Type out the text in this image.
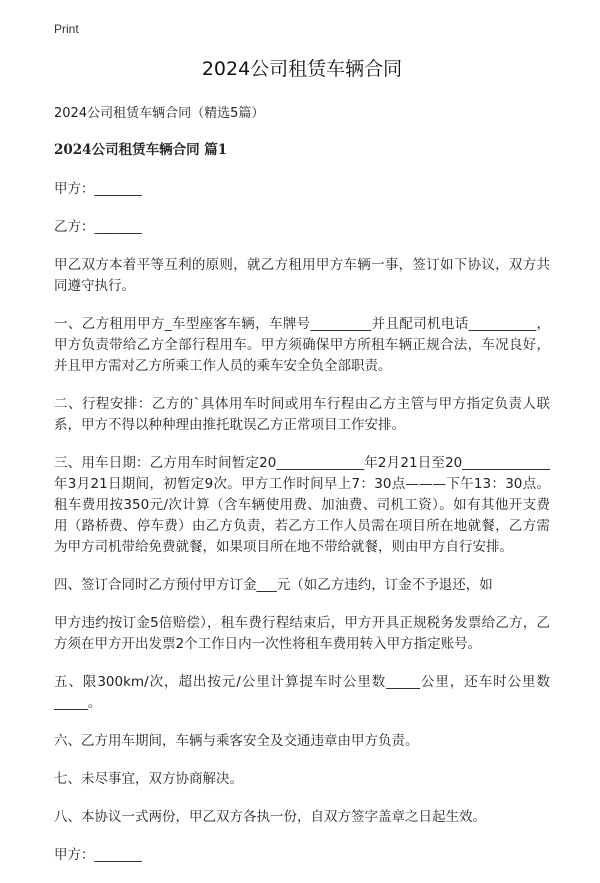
Print
2024公司租赁车辆合同

2024公司租赁车辆合同（精选5篇）

2024公司租赁车辆合同 篇1

甲方：_______

乙方：_______

甲乙双方本着平等互利的原则，就乙方租用甲方车辆一事，签订如下协议，双方共同遵守执行。

一、乙方租用甲方_车型座客车辆，车牌号_________并且配司机电话__________，甲方负责带给乙方全部行程用车。甲方须确保甲方所租车辆正规合法，车况良好，并且甲方需对乙方所乘工作人员的乘车安全负全部职责。

二、行程安排：乙方的`具体用车时间或用车行程由乙方主管与甲方指定负责人联系，甲方不得以种种理由推托耽误乙方正常项目工作安排。

三、用车日期：乙方用车时间暂定20_____________年2月21日至20_____________年3月21日期间，初暂定9次。甲方工作时间早上7：30点———下午13：30点。租车费用按350元/次计算（含车辆使用费、加油费、司机工资）。如有其他开支费用（路桥费、停车费）由乙方负责，若乙方工作人员需在项目所在地就餐，乙方需为甲方司机带给免费就餐，如果项目所在地不带给就餐，则由甲方自行安排。

四、签订合同时乙方预付甲方订金___元（如乙方违约，订金不予退还，如

甲方违约按订金5倍赔偿），租车费行程结束后，甲方开具正规税务发票给乙方，乙方须在甲方开出发票2个工作日内一次性将租车费用转入甲方指定账号。

五、限300km/次，超出按元/公里计算提车时公里数_____公里，还车时公里数_____。

六、乙方用车期间，车辆与乘客安全及交通违章由甲方负责。

七、未尽事宜，双方协商解决。

八、本协议一式两份，甲乙双方各执一份，自双方签字盖章之日起生效。

甲方：_______
